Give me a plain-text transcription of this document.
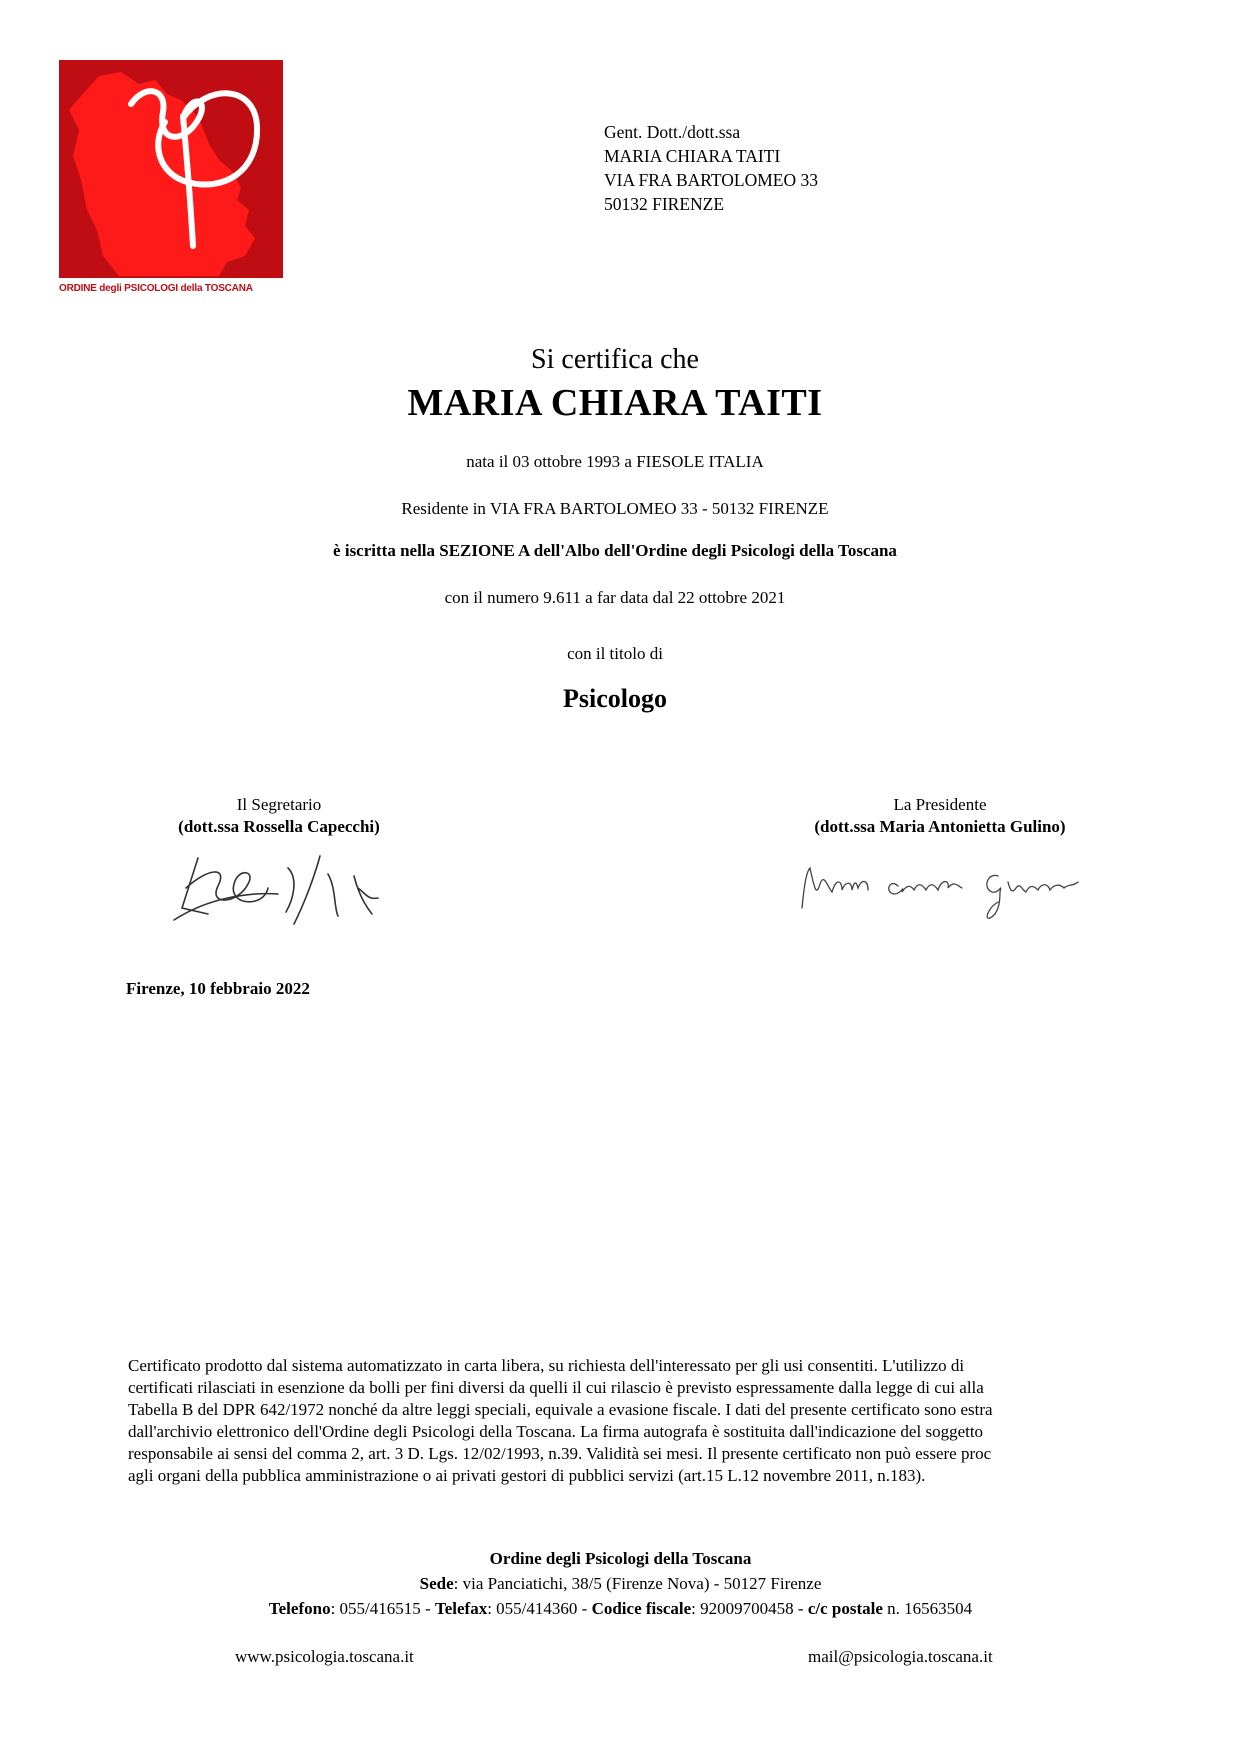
ORDINE degli PSICOLOGI della TOSCANA
Gent. Dott./dott.ssa
MARIA CHIARA TAITI
VIA FRA BARTOLOMEO 33
50132 FIRENZE
Si certifica che
MARIA CHIARA TAITI
nata il 03 ottobre 1993 a FIESOLE ITALIA
Residente in VIA FRA BARTOLOMEO 33 - 50132 FIRENZE
è iscritta nella SEZIONE A dell'Albo dell'Ordine degli Psicologi della Toscana
con il numero 9.611 a far data dal 22 ottobre 2021
con il titolo di
Psicologo
Il Segretario
(dott.ssa Rossella Capecchi)
La Presidente
(dott.ssa Maria Antonietta Gulino)
Firenze, 10 febbraio 2022
Certificato prodotto dal sistema automatizzato in carta libera, su richiesta dell'interessato per gli usi consentiti. L'utilizzo di
certificati rilasciati in esenzione da bolli per fini diversi da quelli il cui rilascio è previsto espressamente dalla legge di cui alla
Tabella B del DPR 642/1972 nonché da altre leggi speciali, equivale a evasione fiscale. I dati del presente certificato sono estra
dall'archivio elettronico dell'Ordine degli Psicologi della Toscana. La firma autografa è sostituita dall'indicazione del soggetto
responsabile ai sensi del comma 2, art. 3 D. Lgs. 12/02/1993, n.39. Validità sei mesi. Il presente certificato non può essere proc
agli organi della pubblica amministrazione o ai privati gestori di pubblici servizi (art.15 L.12 novembre 2011, n.183).
Ordine degli Psicologi della Toscana
Sede: via Panciatichi, 38/5 (Firenze Nova) - 50127 Firenze
Telefono: 055/416515 - Telefax: 055/414360 - Codice fiscale: 92009700458 - c/c postale n. 16563504
www.psicologia.toscana.it	mail@psicologia.toscana.it
